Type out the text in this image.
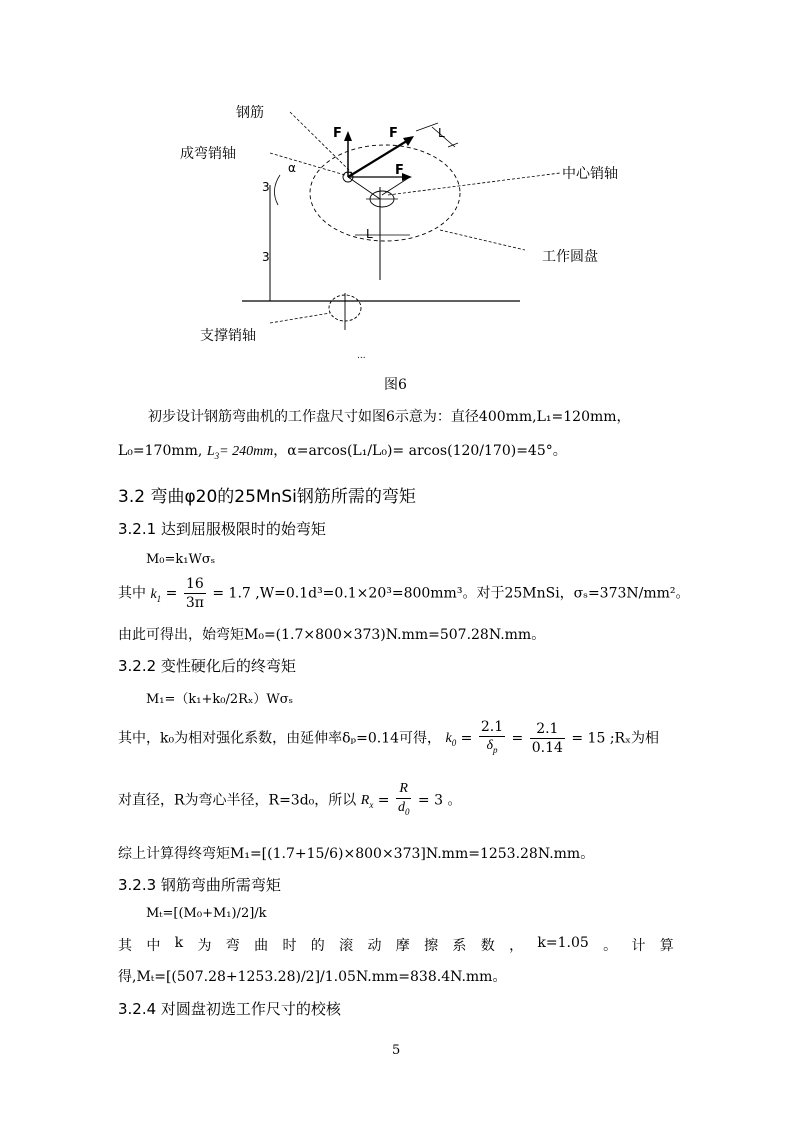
钢筋
成弯销轴
中心销轴
工作圆盘
支撑销轴
F	F
F
α
L
3
3
L
...
图6
初步设计钢筋弯曲机的工作盘尺寸如图6示意为：直径400mm,L₁=120mm，
L₀=170mm, $L_3= 240mm$，α=arcos(L₁/L₀)= arcos(120/170)=45°。
3.2 弯曲φ20的25MnSi钢筋所需的弯矩
3.2.1 达到屈服极限时的始弯矩
M₀=k₁Wσₛ
其中 $k_1 = \frac{16}{3\pi} = 1.7$ ,W=0.1d³=0.1×20³=800mm³。对于25MnSi，σₛ=373N/mm²。
由此可得出，始弯矩M₀=(1.7×800×373)N.mm=507.28N.mm。
3.2.2 变性硬化后的终弯矩
M₁=（k₁+k₀/2Rₓ）Wσₛ
其中，k₀为相对强化系数，由延伸率δₚ=0.14可得， $k_0 = \frac{2.1}{\delta_p} = \frac{2.1}{0.14} = 15$ ;Rₓ为相
对直径，R为弯心半径，R=3d₀，所以 $R_x = \frac{R}{d_0} = 3$ 。
综上计算得终弯矩M₁=[(1.7+15/6)×800×373]N.mm=1253.28N.mm。
3.2.3 钢筋弯曲所需弯矩
Mₜ=[(M₀+M₁)/2]/k
其 中 k 为 弯 曲 时 的 滚 动 摩 擦 系 数 ， k=1.05 。 计 算
得,Mₜ=[(507.28+1253.28)/2]/1.05N.mm=838.4N.mm。
3.2.4 对圆盘初选工作尺寸的校核
5
